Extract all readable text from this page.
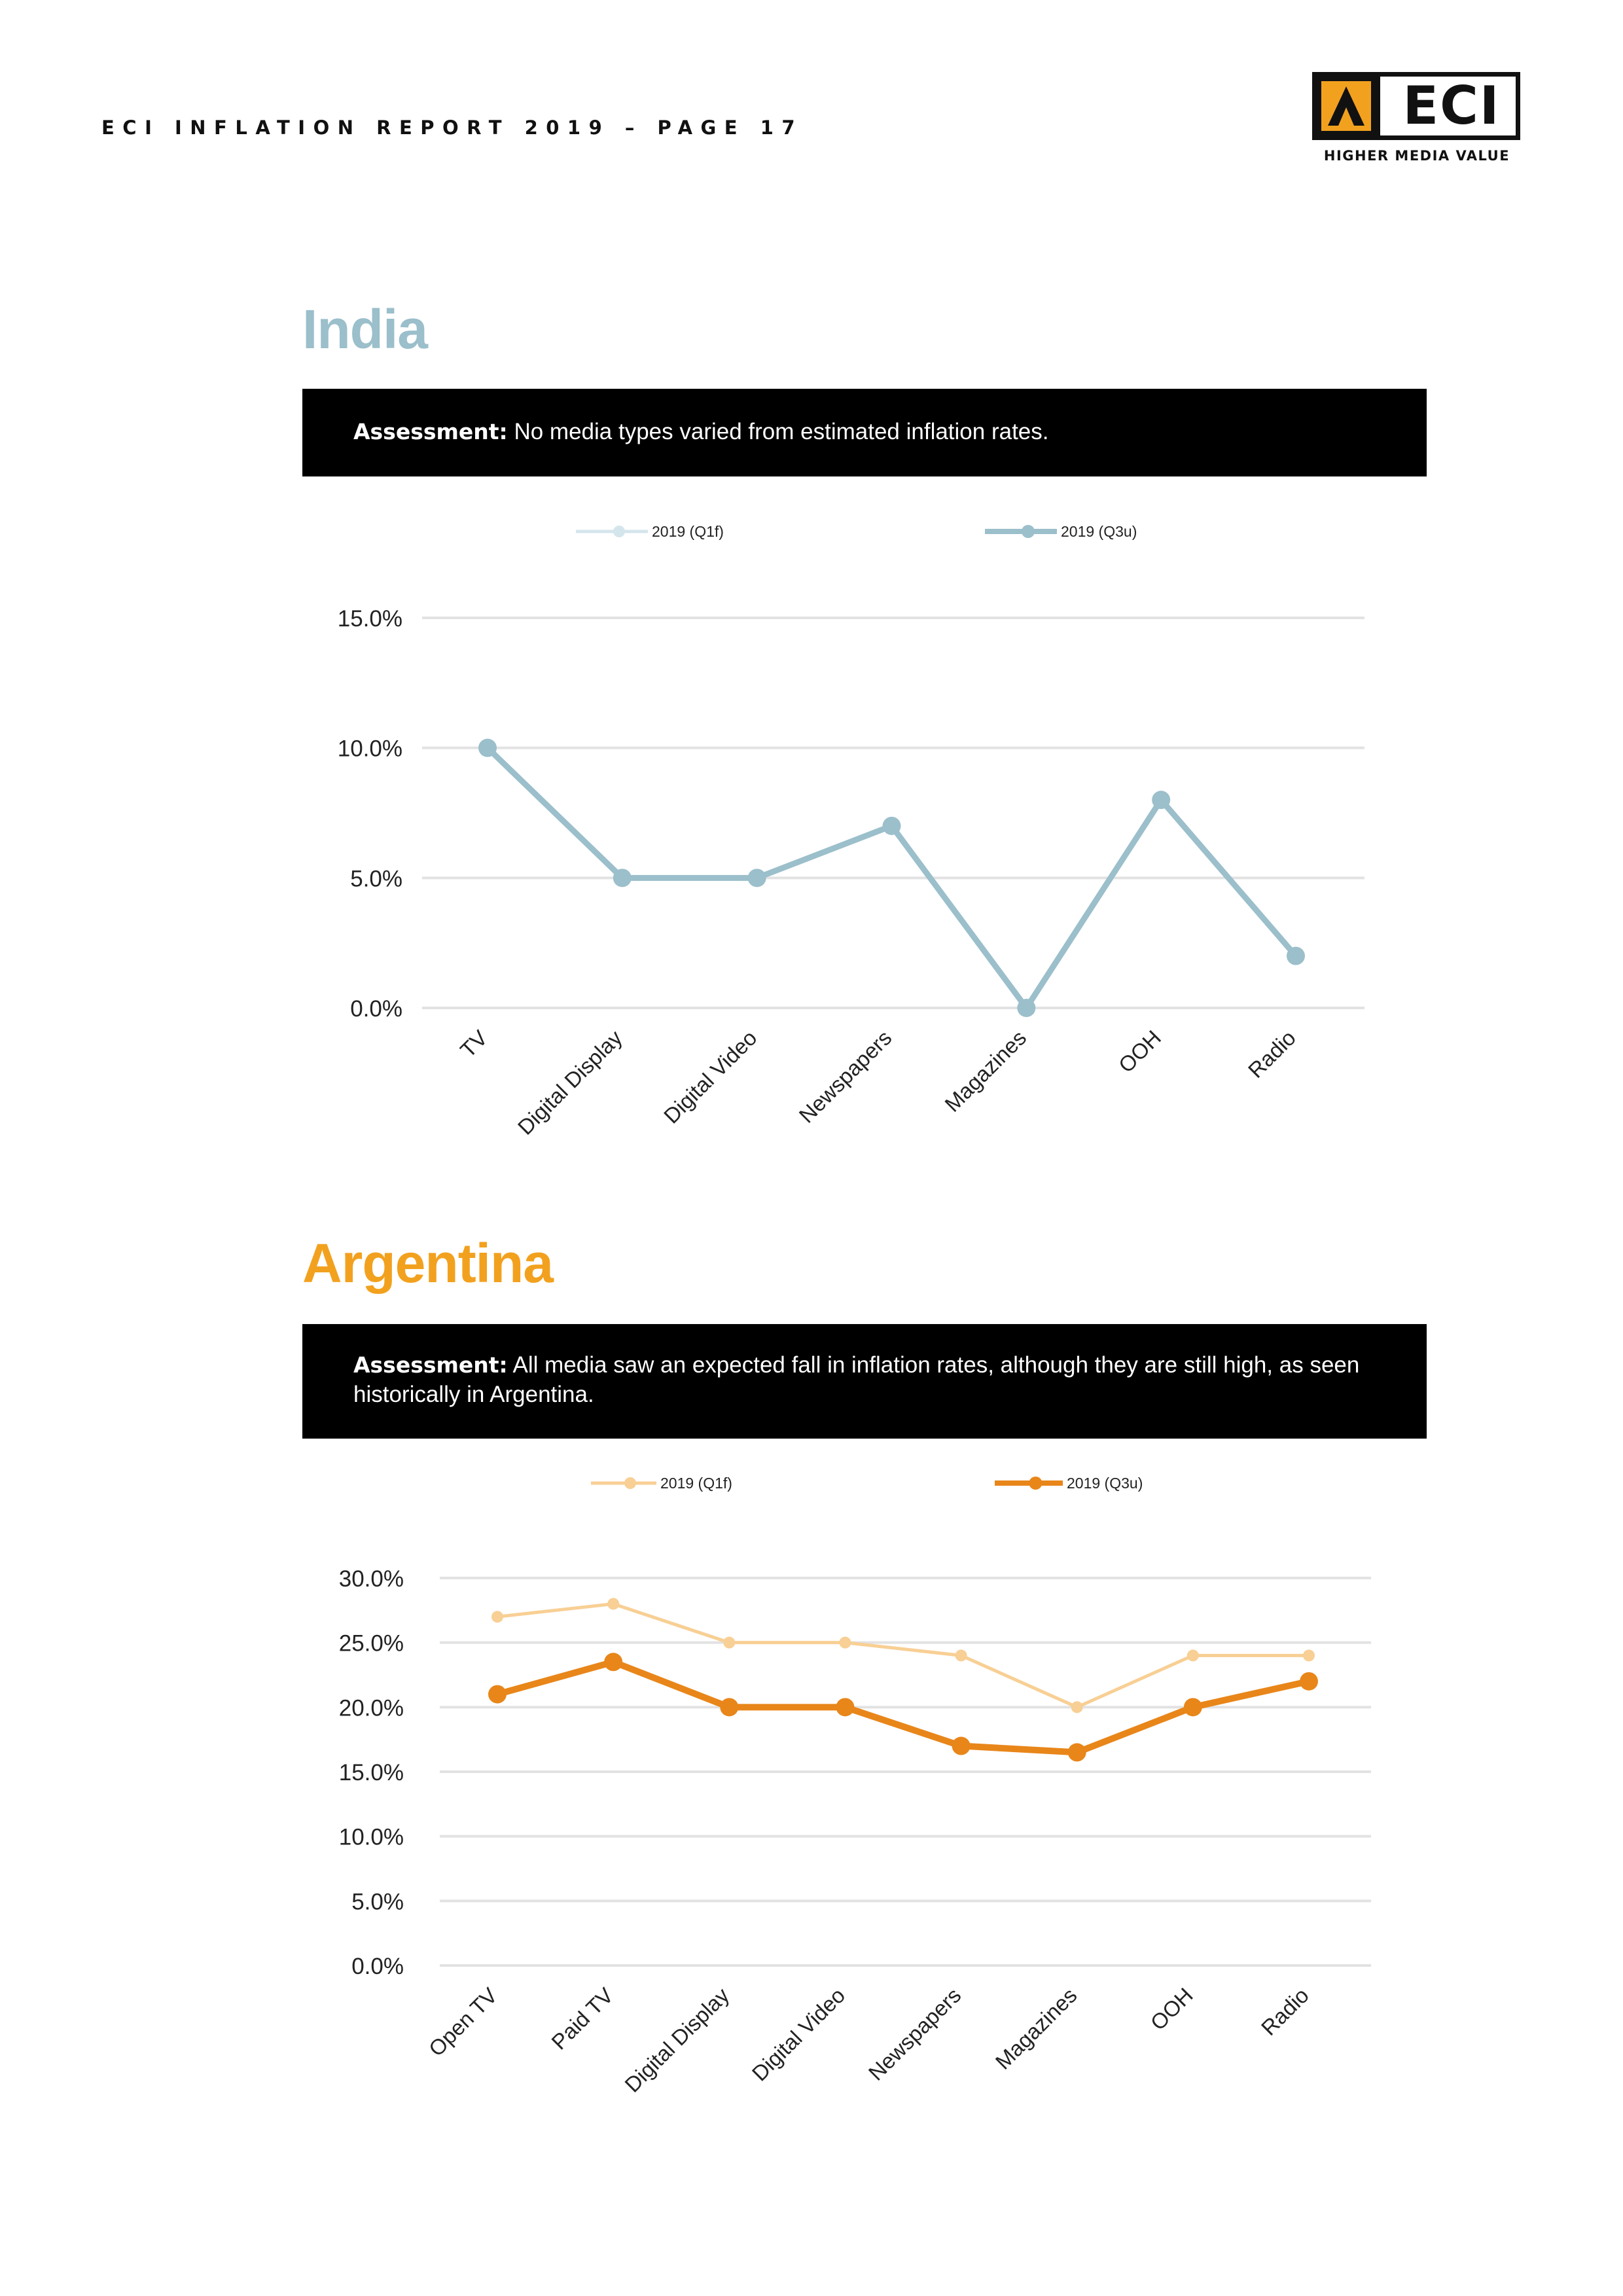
ECI INFLATION REPORT 2019 – PAGE 17	ECI
HIGHER MEDIA VALUE
India
Assessment: No media types varied from estimated inflation rates.
0.0%
5.0%
10.0%
15.0%
TV Digital Display Digital Video Newspapers Magazines	OOH	Radio
2019 (Q1f)	2019 (Q3u)
Argentina
Assessment: All media saw an expected fall in inflation rates, although they are still high, as seen historically in Argentina.
0.0%
5.0%
10.0%
15.0%
20.0%
25.0%
30.0%
Open TV Paid TV Digital Display Digital Video Newspapers Magazines	OOH	Radio
2019 (Q1f)	2019 (Q3u)
